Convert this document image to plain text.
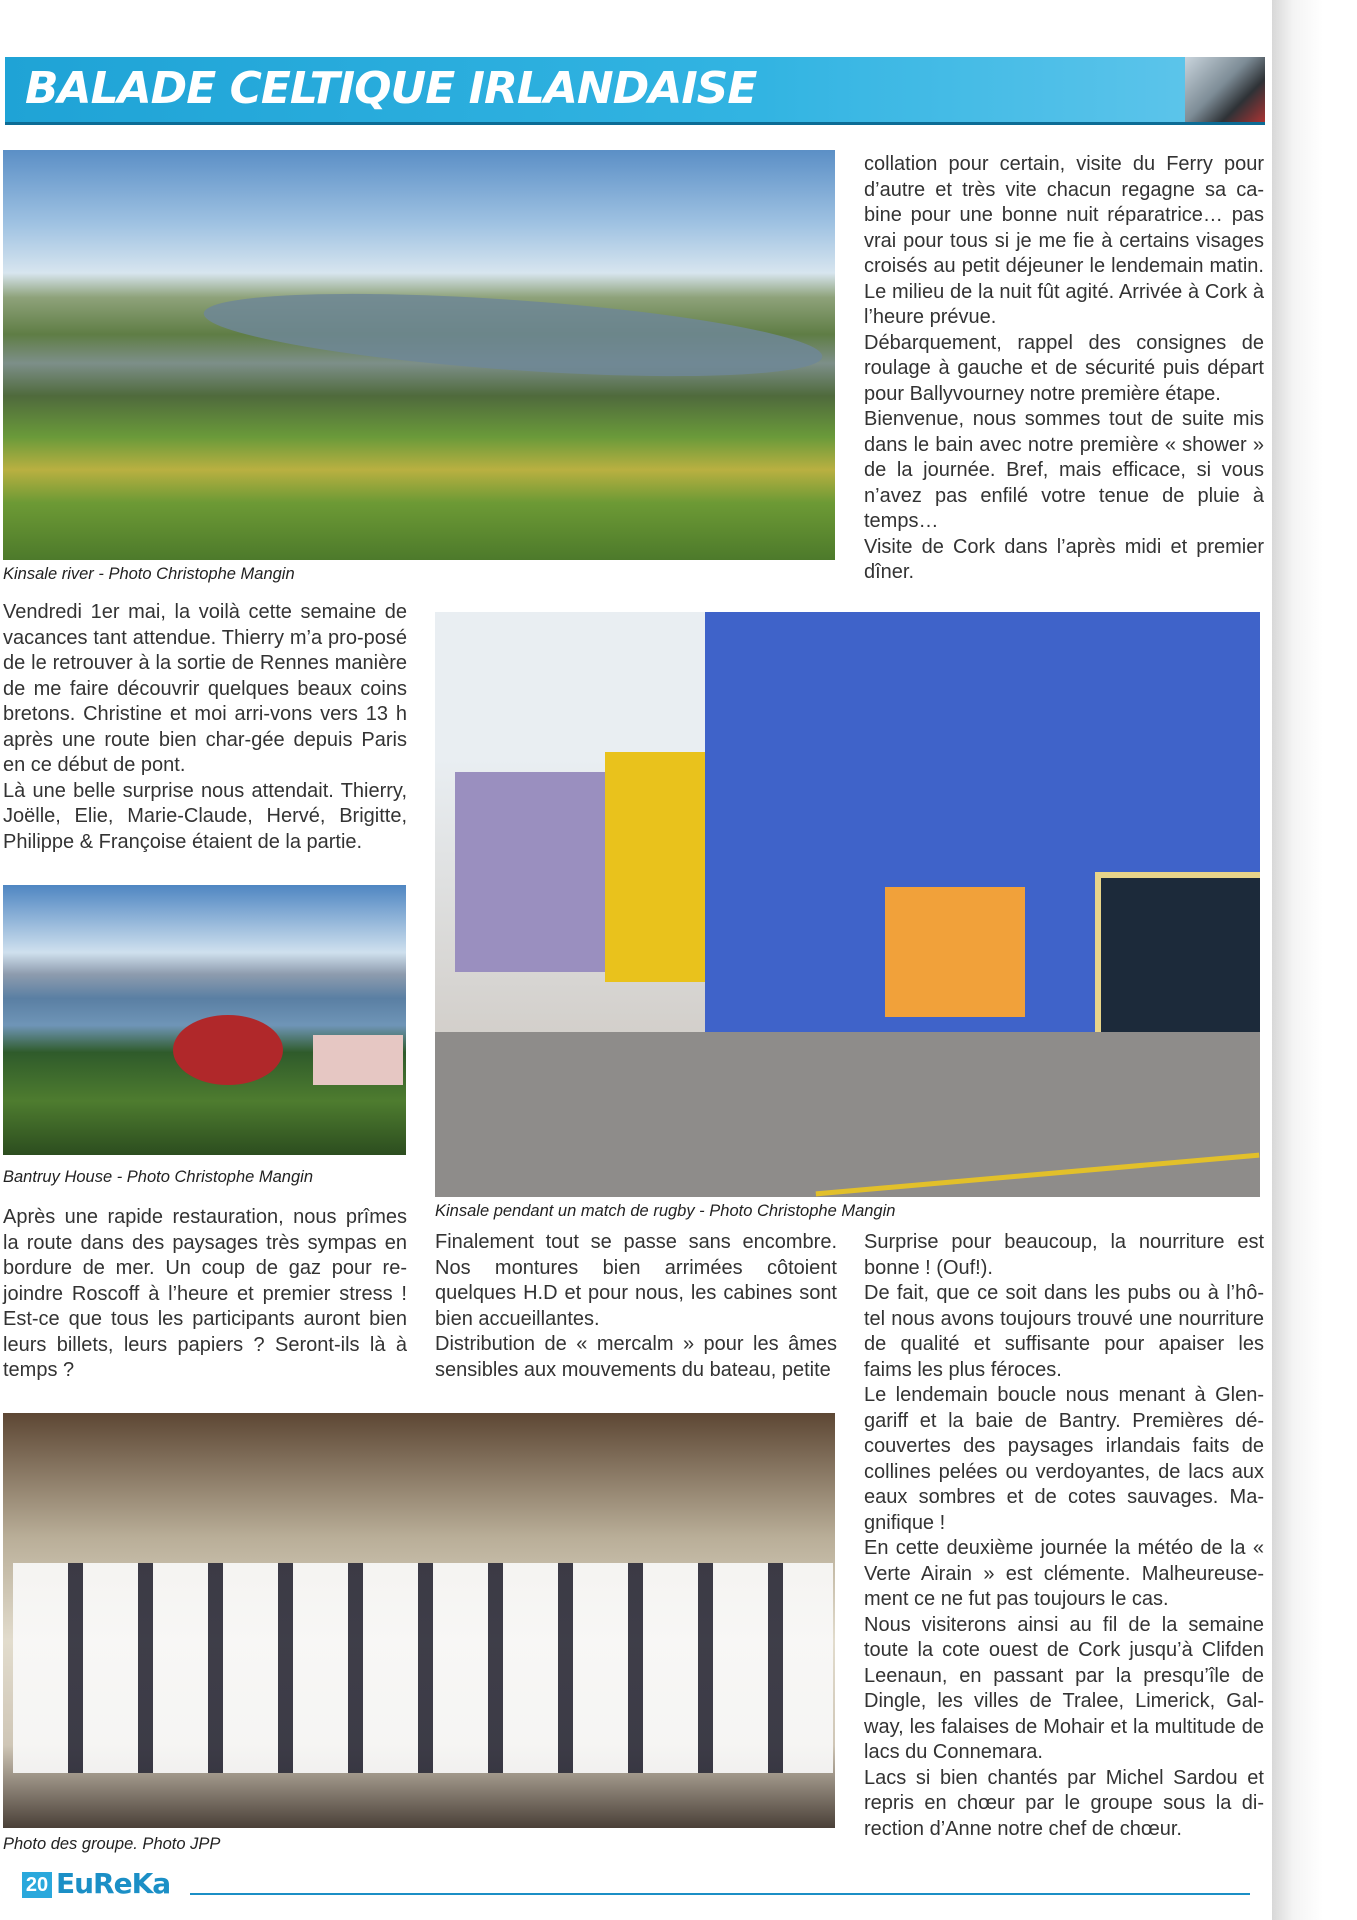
BALADE CELTIQUE IRLANDAISE
Kinsale river - Photo Christophe Mangin

collation pour certain, visite du Ferry pour d’autre et très vite chacun regagne sa ca-bine pour une bonne nuit réparatrice… pas vrai pour tous si je me fie à certains visages croisés au petit déjeuner le lendemain matin. Le milieu de la nuit fût agité. Arrivée à Cork à l’heure prévue.

Débarquement, rappel des consignes de roulage à gauche et de sécurité puis départ pour Ballyvourney notre première étape.

Bienvenue, nous sommes tout de suite mis dans le bain avec notre première « shower » de la journée. Bref, mais efficace, si vous n’avez pas enfilé votre tenue de pluie à temps…

Visite de Cork dans l’après midi et premier dîner.

Vendredi 1er mai, la voilà cette semaine de vacances tant attendue. Thierry m’a pro-posé de le retrouver à la sortie de Rennes manière de me faire découvrir quelques beaux coins bretons. Christine et moi arri-vons vers 13 h après une route bien char-gée depuis Paris en ce début de pont.

Là une belle surprise nous attendait. Thierry, Joëlle, Elie, Marie-Claude, Hervé, Brigitte, Philippe & Françoise étaient de la partie.

Bantruy House - Photo Christophe Mangin
Kinsale pendant un match de rugby - Photo Christophe Mangin

Après une rapide restauration, nous prîmes la route dans des paysages très sympas en bordure de mer. Un coup de gaz pour re-joindre Roscoff à l’heure et premier stress ! Est-ce que tous les participants auront bien leurs billets, leurs papiers ? Seront-ils là à temps ?

Finalement tout se passe sans encombre. Nos montures bien arrimées côtoient quelques H.D et pour nous, les cabines sont bien accueillantes.

Distribution de « mercalm » pour les âmes sensibles aux mouvements du bateau, petite

Surprise pour beaucoup, la nourriture est bonne ! (Ouf!).

De fait, que ce soit dans les pubs ou à l’hô-tel nous avons toujours trouvé une nourriture de qualité et suffisante pour apaiser les faims les plus féroces.

Le lendemain boucle nous menant à Glen-gariff et la baie de Bantry. Premières dé-couvertes des paysages irlandais faits de collines pelées ou verdoyantes, de lacs aux eaux sombres et de cotes sauvages. Ma-gnifique !

En cette deuxième journée la météo de la « Verte Airain » est clémente. Malheureuse-ment ce ne fut pas toujours le cas.

Nous visiterons ainsi au fil de la semaine toute la cote ouest de Cork jusqu’à Clifden Leenaun, en passant par la presqu’île de Dingle, les villes de Tralee, Limerick, Gal-way, les falaises de Mohair et la multitude de lacs du Connemara.

Lacs si bien chantés par Michel Sardou et repris en chœur par le groupe sous la di-rection d’Anne notre chef de chœur.

Photo des groupe. Photo JPP
20 EuReKa
